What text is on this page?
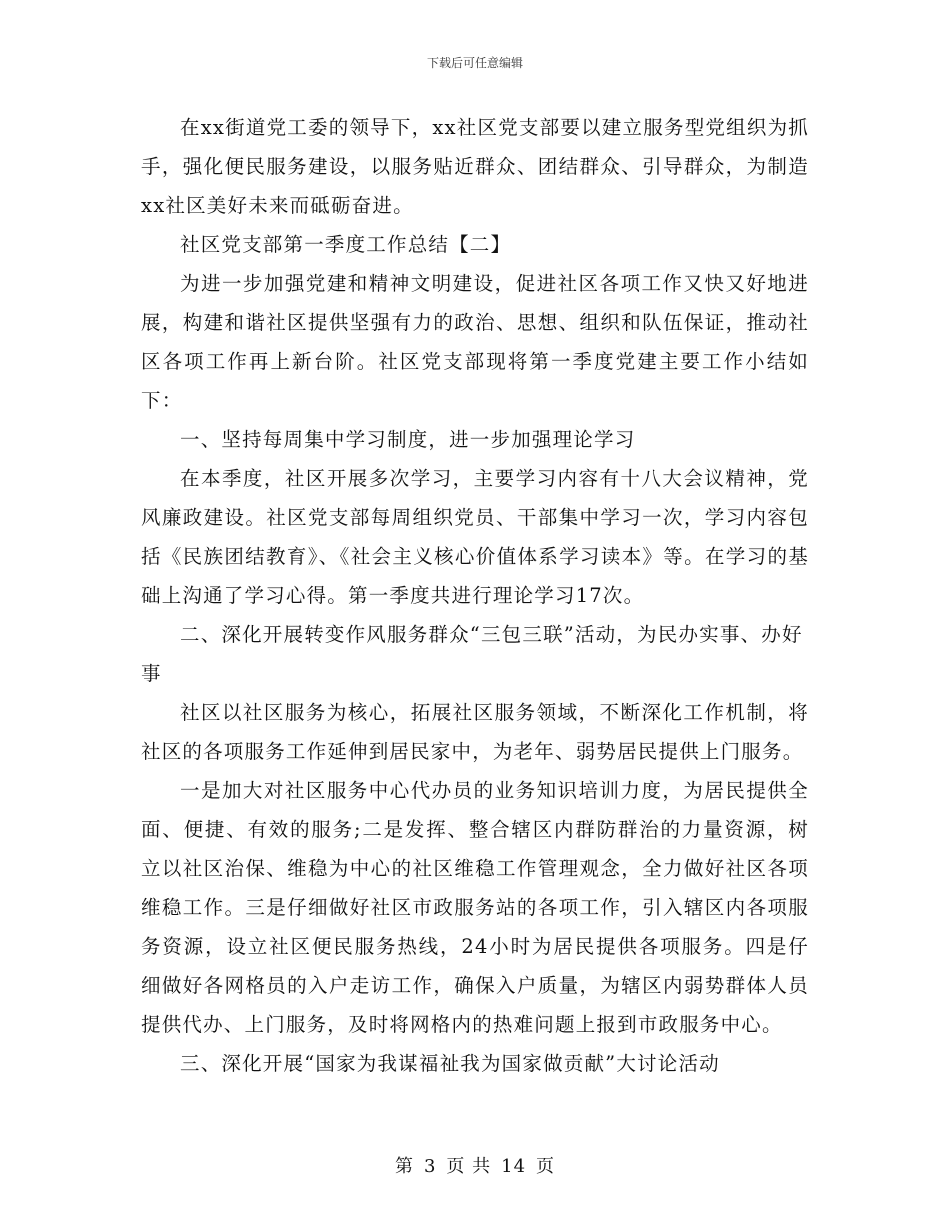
下载后可任意编辑

在xx街道党工委的领导下，xx社区党支部要以建立服务型党组织为抓手，强化便民服务建设，以服务贴近群众、团结群众、引导群众，为制造xx社区美好未来而砥砺奋进。

社区党支部第一季度工作总结【二】

为进一步加强党建和精神文明建设，促进社区各项工作又快又好地进展，构建和谐社区提供坚强有力的政治、思想、组织和队伍保证，推动社区各项工作再上新台阶。社区党支部现将第一季度党建主要工作小结如下：

一、坚持每周集中学习制度，进一步加强理论学习

在本季度，社区开展多次学习，主要学习内容有十八大会议精神，党风廉政建设。社区党支部每周组织党员、干部集中学习一次，学习内容包括《民族团结教育》、《社会主义核心价值体系学习读本》等。在学习的基础上沟通了学习心得。第一季度共进行理论学习17次。

二、深化开展转变作风服务群众“三包三联”活动，为民办实事、办好事

社区以社区服务为核心，拓展社区服务领域，不断深化工作机制，将社区的各项服务工作延伸到居民家中，为老年、弱势居民提供上门服务。

一是加大对社区服务中心代办员的业务知识培训力度，为居民提供全面、便捷、有效的服务;二是发挥、整合辖区内群防群治的力量资源，树立以社区治保、维稳为中心的社区维稳工作管理观念，全力做好社区各项维稳工作。三是仔细做好社区市政服务站的各项工作，引入辖区内各项服务资源，设立社区便民服务热线，24小时为居民提供各项服务。四是仔细做好各网格员的入户走访工作，确保入户质量，为辖区内弱势群体人员提供代办、上门服务，及时将网格内的热难问题上报到市政服务中心。

三、深化开展“国家为我谋福祉我为国家做贡献”大讨论活动

第 3 页 共 14 页
